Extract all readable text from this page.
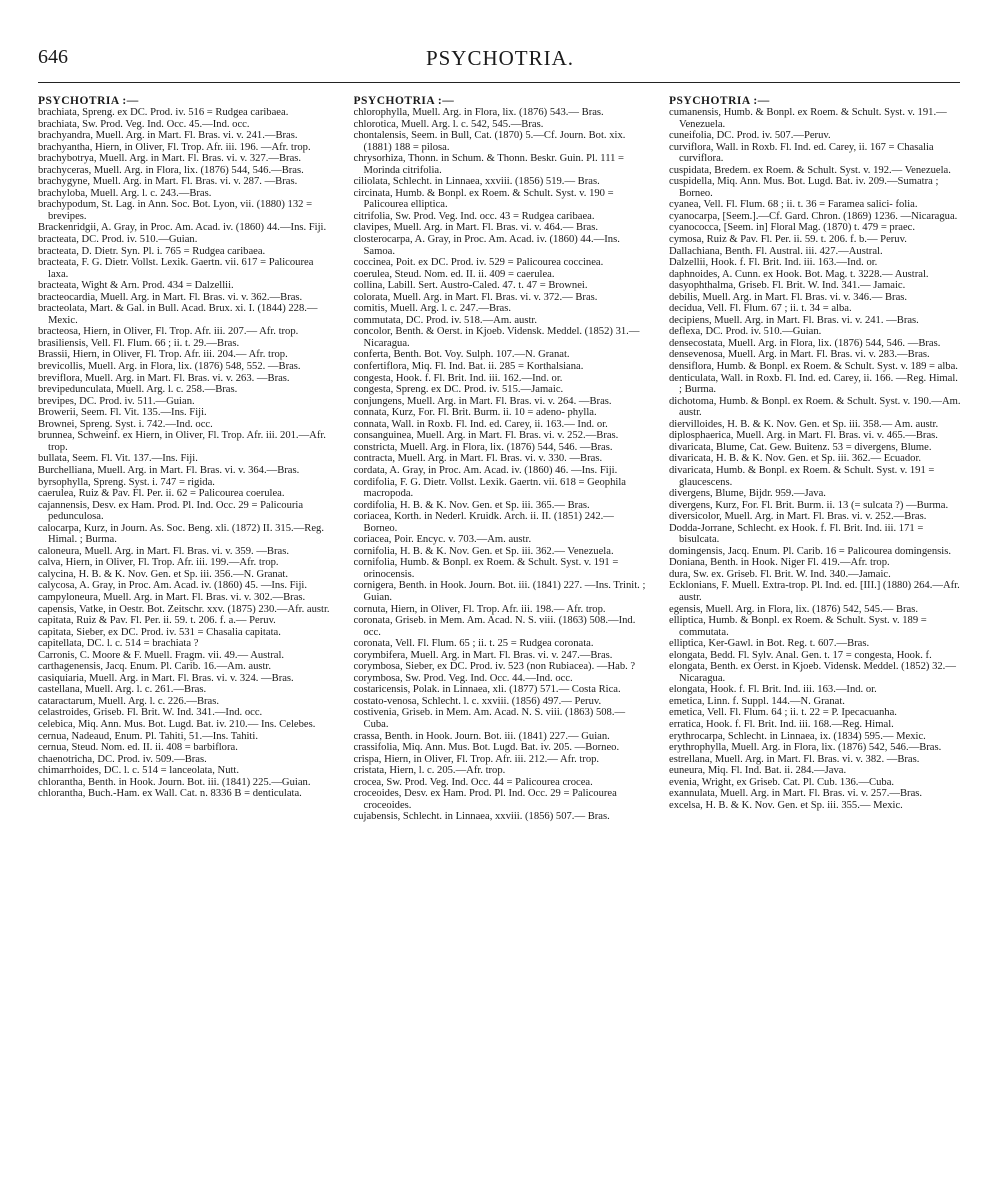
646	PSYCHOTRIA.
PSYCHOTRIA :—

brachiata, Spreng. ex DC. Prod. iv. 516 = Rudgea caribaea.

brachiata, Sw. Prod. Veg. Ind. Occ. 45.—Ind. occ.

brachyandra, Muell. Arg. in Mart. Fl. Bras. vi. v. 241.—Bras.

brachyantha, Hiern, in Oliver, Fl. Trop. Afr. iii. 196. —Afr. trop.

brachybotrya, Muell. Arg. in Mart. Fl. Bras. vi. v. 327.—Bras.

brachyceras, Muell. Arg. in Flora, lix. (1876) 544, 546.—Bras.

brachygyne, Muell. Arg. in Mart. Fl. Bras. vi. v. 287. —Bras.

brachyloba, Muell. Arg. l. c. 243.—Bras.

brachypodum, St. Lag. in Ann. Soc. Bot. Lyon, vii. (1880) 132 = brevipes.

Brackenridgii, A. Gray, in Proc. Am. Acad. iv. (1860) 44.—Ins. Fiji.

bracteata, DC. Prod. iv. 510.—Guian.

bracteata, D. Dietr. Syn. Pl. i. 765 = Rudgea caribaea.

bracteata, F. G. Dietr. Vollst. Lexik. Gaertn. vii. 617 = Palicourea laxa.

bracteata, Wight & Arn. Prod. 434 = Dalzellii.

bracteocardia, Muell. Arg. in Mart. Fl. Bras. vi. v. 362.—Bras.

bracteolata, Mart. & Gal. in Bull. Acad. Brux. xi. I. (1844) 228.—Mexic.

bracteosa, Hiern, in Oliver, Fl. Trop. Afr. iii. 207.— Afr. trop.

brasiliensis, Vell. Fl. Flum. 66 ; ii. t. 29.—Bras.

Brassii, Hiern, in Oliver, Fl. Trop. Afr. iii. 204.— Afr. trop.

brevicollis, Muell. Arg. in Flora, lix. (1876) 548, 552. —Bras.

breviflora, Muell. Arg. in Mart. Fl. Bras. vi. v. 263. —Bras.

brevipedunculata, Muell. Arg. l. c. 258.—Bras.

brevipes, DC. Prod. iv. 511.—Guian.

Browerii, Seem. Fl. Vit. 135.—Ins. Fiji.

Brownei, Spreng. Syst. i. 742.—Ind. occ.

brunnea, Schweinf. ex Hiern, in Oliver, Fl. Trop. Afr. iii. 201.—Afr. trop.

bullata, Seem. Fl. Vit. 137.—Ins. Fiji.

Burchelliana, Muell. Arg. in Mart. Fl. Bras. vi. v. 364.—Bras.

byrsophylla, Spreng. Syst. i. 747 = rigida.

caerulea, Ruiz & Pav. Fl. Per. ii. 62 = Palicourea coerulea.

cajannensis, Desv. ex Ham. Prod. Pl. Ind. Occ. 29 = Palicouria pedunculosa.

calocarpa, Kurz, in Journ. As. Soc. Beng. xli. (1872) II. 315.—Reg. Himal. ; Burma.

caloneura, Muell. Arg. in Mart. Fl. Bras. vi. v. 359. —Bras.

calva, Hiern, in Oliver, Fl. Trop. Afr. iii. 199.—Afr. trop.

calycina, H. B. & K. Nov. Gen. et Sp. iii. 356.—N. Granat.

calycosa, A. Gray, in Proc. Am. Acad. iv. (1860) 45. —Ins. Fiji.

campyloneura, Muell. Arg. in Mart. Fl. Bras. vi. v. 302.—Bras.

capensis, Vatke, in Oestr. Bot. Zeitschr. xxv. (1875) 230.—Afr. austr.

capitata, Ruiz & Pav. Fl. Per. ii. 59. t. 206. f. a.— Peruv.

capitata, Sieber, ex DC. Prod. iv. 531 = Chasalia capitata.

capitellata, DC. l. c. 514 = brachiata ?

Carronis, C. Moore & F. Muell. Fragm. vii. 49.— Austral.

carthagenensis, Jacq. Enum. Pl. Carib. 16.—Am. austr.

casiquiaria, Muell. Arg. in Mart. Fl. Bras. vi. v. 324. —Bras.

castellana, Muell. Arg. l. c. 261.—Bras.

cataractarum, Muell. Arg. l. c. 226.—Bras.

celastroides, Griseb. Fl. Brit. W. Ind. 341.—Ind. occ.

celebica, Miq. Ann. Mus. Bot. Lugd. Bat. iv. 210.— Ins. Celebes.

cernua, Nadeaud, Enum. Pl. Tahiti, 51.—Ins. Tahiti.

cernua, Steud. Nom. ed. II. ii. 408 = barbiflora.

chaenotricha, DC. Prod. iv. 509.—Bras.

chimarrhoides, DC. l. c. 514 = lanceolata, Nutt.

chlorantha, Benth. in Hook. Journ. Bot. iii. (1841) 225.—Guian.

chlorantha, Buch.-Ham. ex Wall. Cat. n. 8336 B = denticulata.

PSYCHOTRIA :—

chlorophylla, Muell. Arg. in Flora, lix. (1876) 543.— Bras.

chlorotica, Muell. Arg. l. c. 542, 545.—Bras.

chontalensis, Seem. in Bull, Cat. (1870) 5.—Cf. Journ. Bot. xix. (1881) 188 = pilosa.

chrysorhiza, Thonn. in Schum. & Thonn. Beskr. Guin. Pl. 111 = Morinda citrifolia.

ciliolata, Schlecht. in Linnaea, xxviii. (1856) 519.— Bras.

circinata, Humb. & Bonpl. ex Roem. & Schult. Syst. v. 190 = Palicourea elliptica.

citrifolia, Sw. Prod. Veg. Ind. occ. 43 = Rudgea caribaea.

clavipes, Muell. Arg. in Mart. Fl. Bras. vi. v. 464.— Bras.

closterocarpa, A. Gray, in Proc. Am. Acad. iv. (1860) 44.—Ins. Samoa.

coccinea, Poit. ex DC. Prod. iv. 529 = Palicourea coccinea.

coerulea, Steud. Nom. ed. II. ii. 409 = caerulea.

collina, Labill. Sert. Austro-Caled. 47. t. 47 = Brownei.

colorata, Muell. Arg. in Mart. Fl. Bras. vi. v. 372.— Bras.

comitis, Muell. Arg. l. c. 247.—Bras.

commutata, DC. Prod. iv. 518.—Am. austr.

concolor, Benth. & Oerst. in Kjoeb. Vidensk. Meddel. (1852) 31.—Nicaragua.

conferta, Benth. Bot. Voy. Sulph. 107.—N. Granat.

confertiflora, Miq. Fl. Ind. Bat. ii. 285 = Korthalsiana.

congesta, Hook. f. Fl. Brit. Ind. iii. 162.—Ind. or.

congesta, Spreng. ex DC. Prod. iv. 515.—Jamaic.

conjungens, Muell. Arg. in Mart. Fl. Bras. vi. v. 264. —Bras.

connata, Kurz, For. Fl. Brit. Burm. ii. 10 = adeno- phylla.

connata, Wall. in Roxb. Fl. Ind. ed. Carey, ii. 163.— Ind. or.

consanguinea, Muell. Arg. in Mart. Fl. Bras. vi. v. 252.—Bras.

constricta, Muell. Arg. in Flora, lix. (1876) 544, 546. —Bras.

contracta, Muell. Arg. in Mart. Fl. Bras. vi. v. 330. —Bras.

cordata, A. Gray, in Proc. Am. Acad. iv. (1860) 46. —Ins. Fiji.

cordifolia, F. G. Dietr. Vollst. Lexik. Gaertn. vii. 618 = Geophila macropoda.

cordifolia, H. B. & K. Nov. Gen. et Sp. iii. 365.— Bras.

coriacea, Korth. in Nederl. Kruidk. Arch. ii. II. (1851) 242.—Borneo.

coriacea, Poir. Encyc. v. 703.—Am. austr.

cornifolia, H. B. & K. Nov. Gen. et Sp. iii. 362.— Venezuela.

cornifolia, Humb. & Bonpl. ex Roem. & Schult. Syst. v. 191 = orinocensis.

cornigera, Benth. in Hook. Journ. Bot. iii. (1841) 227. —Ins. Trinit. ; Guian.

cornuta, Hiern, in Oliver, Fl. Trop. Afr. iii. 198.— Afr. trop.

coronata, Griseb. in Mem. Am. Acad. N. S. viii. (1863) 508.—Ind. occ.

coronata, Vell. Fl. Flum. 65 ; ii. t. 25 = Rudgea coronata.

corymbifera, Muell. Arg. in Mart. Fl. Bras. vi. v. 247.—Bras.

corymbosa, Sieber, ex DC. Prod. iv. 523 (non Rubiacea). —Hab. ?

corymbosa, Sw. Prod. Veg. Ind. Occ. 44.—Ind. occ.

costaricensis, Polak. in Linnaea, xli. (1877) 571.— Costa Rica.

costato-venosa, Schlecht. l. c. xxviii. (1856) 497.— Peruv.

costivenia, Griseb. in Mem. Am. Acad. N. S. viii. (1863) 508.—Cuba.

crassa, Benth. in Hook. Journ. Bot. iii. (1841) 227.— Guian.

crassifolia, Miq. Ann. Mus. Bot. Lugd. Bat. iv. 205. —Borneo.

crispa, Hiern, in Oliver, Fl. Trop. Afr. iii. 212.— Afr. trop.

cristata, Hiern, l. c. 205.—Afr. trop.

crocea, Sw. Prod. Veg. Ind. Occ. 44 = Palicourea crocea.

croceoides, Desv. ex Ham. Prod. Pl. Ind. Occ. 29 = Palicourea croceoides.

cujabensis, Schlecht. in Linnaea, xxviii. (1856) 507.— Bras.

PSYCHOTRIA :—

cumanensis, Humb. & Bonpl. ex Roem. & Schult. Syst. v. 191.—Venezuela.

cuneifolia, DC. Prod. iv. 507.—Peruv.

curviflora, Wall. in Roxb. Fl. Ind. ed. Carey, ii. 167 = Chasalia curviflora.

cuspidata, Bredem. ex Roem. & Schult. Syst. v. 192.— Venezuela.

cuspidella, Miq. Ann. Mus. Bot. Lugd. Bat. iv. 209.—Sumatra ; Borneo.

cyanea, Vell. Fl. Flum. 68 ; ii. t. 36 = Faramea salici- folia.

cyanocarpa, [Seem.].—Cf. Gard. Chron. (1869) 1236. —Nicaragua.

cyanococca, [Seem. in] Floral Mag. (1870) t. 479 = praec.

cymosa, Ruiz & Pav. Fl. Per. ii. 59. t. 206. f. b.— Peruv.

Dallachiana, Benth. Fl. Austral. iii. 427.—Austral.

Dalzellii, Hook. f. Fl. Brit. Ind. iii. 163.—Ind. or.

daphnoides, A. Cunn. ex Hook. Bot. Mag. t. 3228.— Austral.

dasyophthalma, Griseb. Fl. Brit. W. Ind. 341.— Jamaic.

debilis, Muell. Arg. in Mart. Fl. Bras. vi. v. 346.— Bras.

decidua, Vell. Fl. Flum. 67 ; ii. t. 34 = alba.

decipiens, Muell. Arg. in Mart. Fl. Bras. vi. v. 241. —Bras.

deflexa, DC. Prod. iv. 510.—Guian.

densecostata, Muell. Arg. in Flora, lix. (1876) 544, 546. —Bras.

densevenosa, Muell. Arg. in Mart. Fl. Bras. vi. v. 283.—Bras.

densiflora, Humb. & Bonpl. ex Roem. & Schult. Syst. v. 189 = alba.

denticulata, Wall. in Roxb. Fl. Ind. ed. Carey, ii. 166. —Reg. Himal. ; Burma.

dichotoma, Humb. & Bonpl. ex Roem. & Schult. Syst. v. 190.—Am. austr.

diervilloides, H. B. & K. Nov. Gen. et Sp. iii. 358.— Am. austr.

diplosphaerica, Muell. Arg. in Mart. Fl. Bras. vi. v. 465.—Bras.

divaricata, Blume, Cat. Gew. Buitenz. 53 = divergens, Blume.

divaricata, H. B. & K. Nov. Gen. et Sp. iii. 362.— Ecuador.

divaricata, Humb. & Bonpl. ex Roem. & Schult. Syst. v. 191 = glaucescens.

divergens, Blume, Bijdr. 959.—Java.

divergens, Kurz, For. Fl. Brit. Burm. ii. 13 (= sulcata ?) —Burma.

diversicolor, Muell. Arg. in Mart. Fl. Bras. vi. v. 252.—Bras.

Dodda-Jorrane, Schlecht. ex Hook. f. Fl. Brit. Ind. iii. 171 = bisulcata.

domingensis, Jacq. Enum. Pl. Carib. 16 = Palicourea domingensis.

Doniana, Benth. in Hook. Niger Fl. 419.—Afr. trop.

dura, Sw. ex. Griseb. Fl. Brit. W. Ind. 340.—Jamaic.

Ecklonians, F. Muell. Extra-trop. Pl. Ind. ed. [III.] (1880) 264.—Afr. austr.

egensis, Muell. Arg. in Flora, lix. (1876) 542, 545.— Bras.

elliptica, Humb. & Bonpl. ex Roem. & Schult. Syst. v. 189 = commutata.

elliptica, Ker-Gawl. in Bot. Reg. t. 607.—Bras.

elongata, Bedd. Fl. Sylv. Anal. Gen. t. 17 = congesta, Hook. f.

elongata, Benth. ex Oerst. in Kjoeb. Vidensk. Meddel. (1852) 32.—Nicaragua.

elongata, Hook. f. Fl. Brit. Ind. iii. 163.—Ind. or.

emetica, Linn. f. Suppl. 144.—N. Granat.

emetica, Vell. Fl. Flum. 64 ; ii. t. 22 = P. Ipecacuanha.

erratica, Hook. f. Fl. Brit. Ind. iii. 168.—Reg. Himal.

erythrocarpa, Schlecht. in Linnaea, ix. (1834) 595.— Mexic.

erythrophylla, Muell. Arg. in Flora, lix. (1876) 542, 546.—Bras.

estrellana, Muell. Arg. in Mart. Fl. Bras. vi. v. 382. —Bras.

euneura, Miq. Fl. Ind. Bat. ii. 284.—Java.

evenia, Wright, ex Griseb. Cat. Pl. Cub. 136.—Cuba.

exannulata, Muell. Arg. in Mart. Fl. Bras. vi. v. 257.—Bras.

excelsa, H. B. & K. Nov. Gen. et Sp. iii. 355.— Mexic.
